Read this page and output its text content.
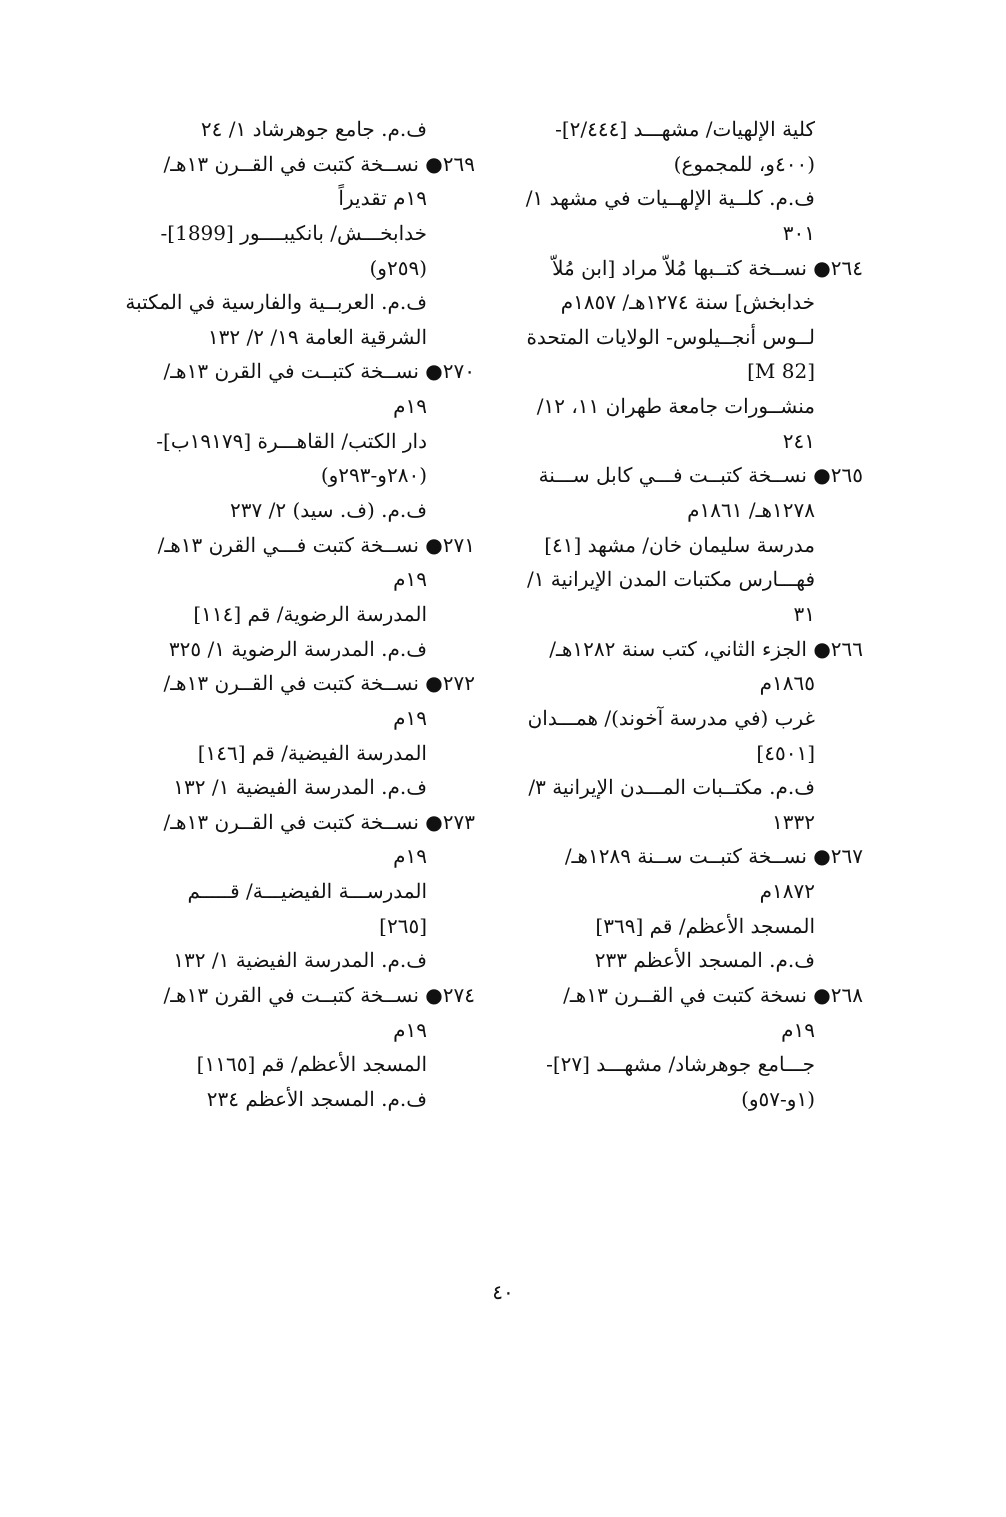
كلية الإلهيات/ مشهـــد [٢/٤٤٤]-
(٤٠٠و، للمجموع)
ف.م. كلــية الإلهــيات في مشهد ١/
٣٠١
٢٦٤● نســخة كتــبها مُلاّ مراد [ابن مُلاّ
خدابخش] سنة ١٢٧٤هـ/ ١٨٥٧م
لــوس أنجــيلوس- الولايات المتحدة
[M 82]
منشــورات جامعة طهران ١١، ١٢/
٢٤١
٢٦٥● نســخة كتبــت فـــي كابل ســـنة
١٢٧٨هـ/ ١٨٦١م
مدرسة سليمان خان/ مشهد [٤١]
فهـــارس مكتبات المدن الإيرانية ١/
٣١
٢٦٦● الجزء الثاني، كتب سنة ١٢٨٢هـ/
١٨٦٥م
غرب (في مدرسة آخوند)/ همـــدان
[٤٥٠١]
ف.م. مكتــبات المـــدن الإيرانية ٣/
١٣٣٢
٢٦٧● نســخة كتبــت ســنة ١٢٨٩هـ/
١٨٧٢م
المسجد الأعظم/ قم [٣٦٩]
ف.م. المسجد الأعظم ٢٣٣
٢٦٨● نسخة كتبت في القــرن ١٣هـ/
١٩م
جـــامع جوهرشاد/ مشهـــد [٢٧]-
(١و-٥٧و)
ف.م. جامع جوهرشاد ١/ ٢٤
٢٦٩● نســخة كتبت في القــرن ١٣هـ/
١٩م تقديراً
خدابخـــش/ بانكيبــــور [1899]-
(٢٥٩و)
ف.م. العربــية والفارسية في المكتبة
الشرقية العامة ١٩/ ٢/ ١٣٢
٢٧٠● نســخة كتبــت في القرن ١٣هـ/
١٩م
دار الكتب/ القاهـــرة [١٩١٧٩ب]-
(٢٨٠و-٢٩٣و)
ف.م. (ف. سيد) ٢/ ٢٣٧
٢٧١● نســخة كتبت فـــي القرن ١٣هـ/
١٩م
المدرسة الرضوية/ قم [١١٤]
ف.م. المدرسة الرضوية ١/ ٣٢٥
٢٧٢● نســخة كتبت في القــرن ١٣هـ/
١٩م
المدرسة الفيضية/ قم [١٤٦]
ف.م. المدرسة الفيضية ١/ ١٣٢
٢٧٣● نســخة كتبت في القــرن ١٣هـ/
١٩م
المدرســـة الفيضيـــة/ قـــــم
[٢٦٥]
ف.م. المدرسة الفيضية ١/ ١٣٢
٢٧٤● نســخة كتبــت في القرن ١٣هـ/
١٩م
المسجد الأعظم/ قم [١١٦٥]
ف.م. المسجد الأعظم ٢٣٤
٤٠
